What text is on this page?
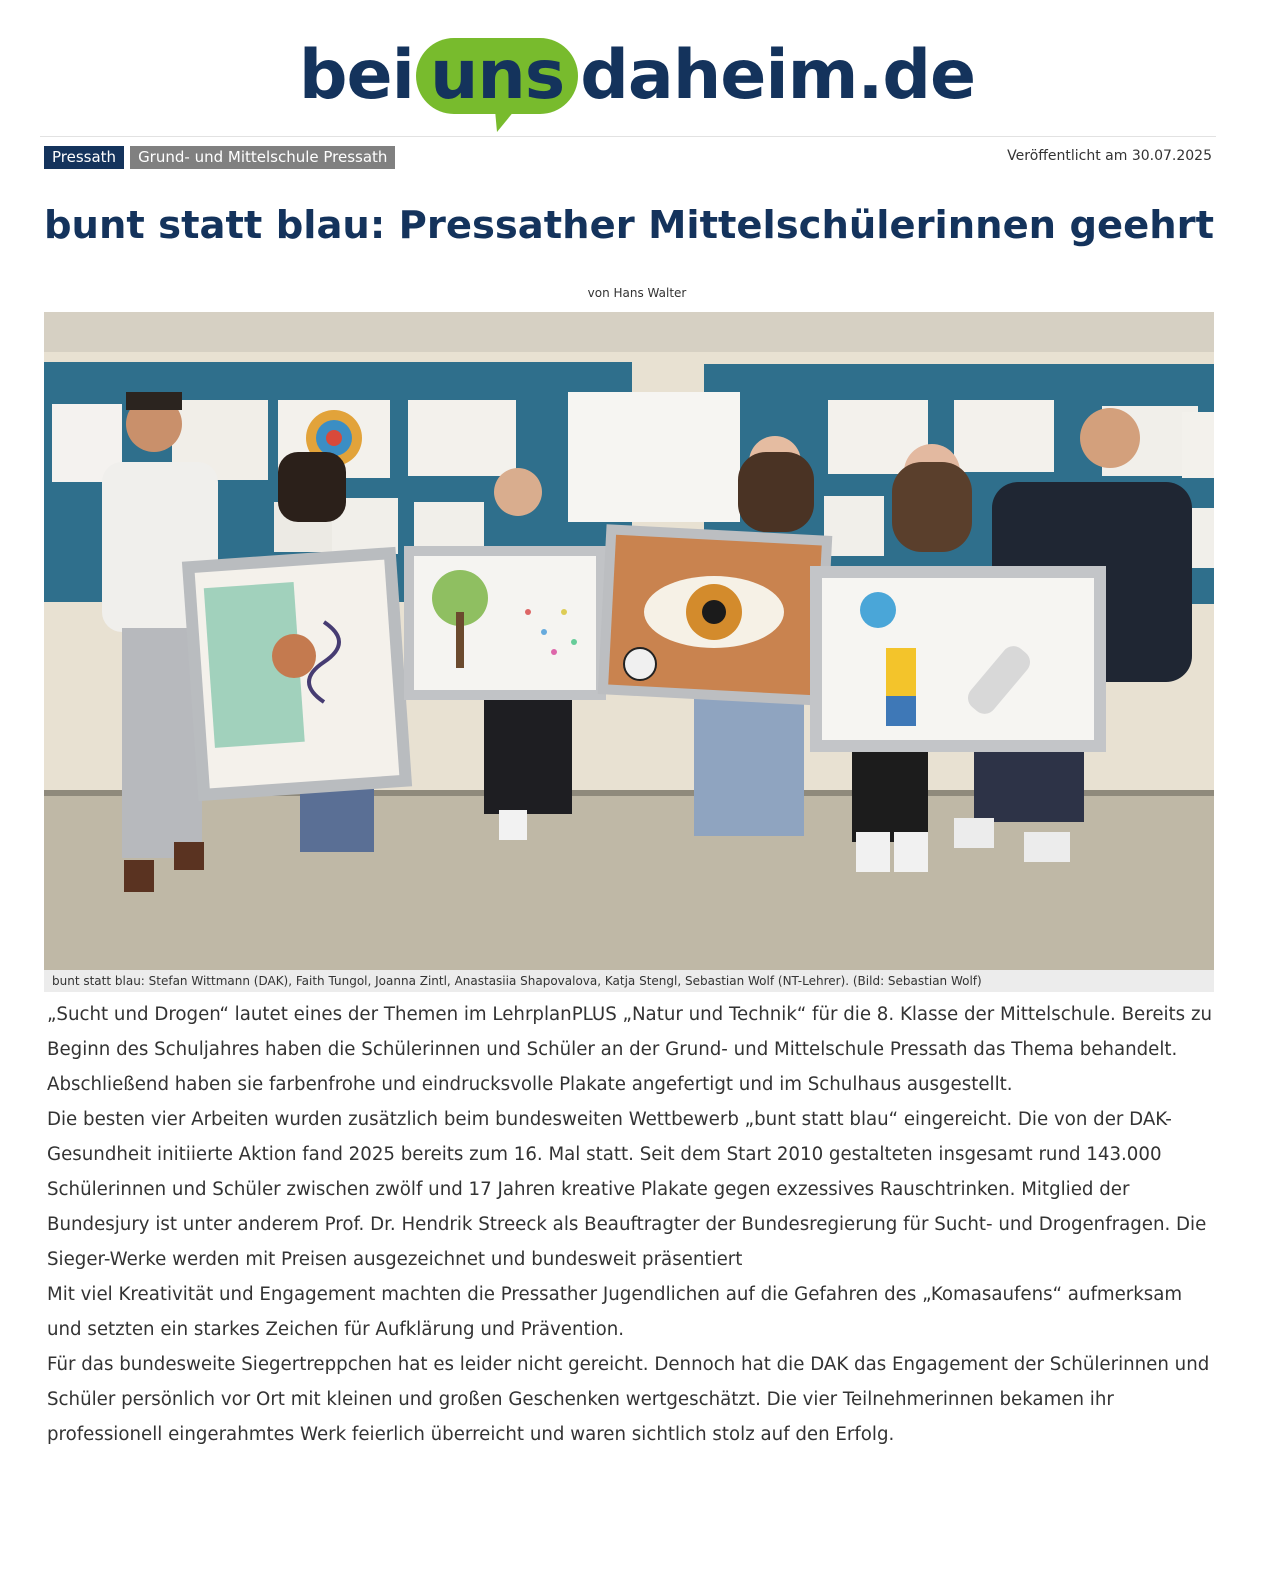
bei uns daheim.de
Pressath	Grund- und Mittelschule Pressath	Veröffentlicht am 30.07.2025
bunt statt blau: Pressather Mittelschülerinnen geehrt
von Hans Walter
bunt statt blau: Stefan Wittmann (DAK), Faith Tungol, Joanna Zintl, Anastasiia Shapovalova, Katja Stengl, Sebastian Wolf (NT-Lehrer). (Bild: Sebastian Wolf)

„Sucht und Drogen“ lautet eines der Themen im LehrplanPLUS „Natur und Technik“ für die 8. Klasse der Mittelschule. Bereits zu Beginn des Schuljahres haben die Schülerinnen und Schüler an der Grund- und Mittelschule Pressath das Thema behandelt. Abschließend haben sie farbenfrohe und eindrucksvolle Plakate angefertigt und im Schulhaus ausgestellt.

Die besten vier Arbeiten wurden zusätzlich beim bundesweiten Wettbewerb „bunt statt blau“ eingereicht. Die von der DAK-Gesundheit initiierte Aktion fand 2025 bereits zum 16. Mal statt. Seit dem Start 2010 gestalteten insgesamt rund 143.000 Schülerinnen und Schüler zwischen zwölf und 17 Jahren kreative Plakate gegen exzessives Rauschtrinken. Mitglied der Bundesjury ist unter anderem Prof. Dr. Hendrik Streeck als Beauftragter der Bundesregierung für Sucht- und Drogenfragen. Die Sieger-Werke werden mit Preisen ausgezeichnet und bundesweit präsentiert

Mit viel Kreativität und Engagement machten die Pressather Jugendlichen auf die Gefahren des „Komasaufens“ aufmerksam und setzten ein starkes Zeichen für Aufklärung und Prävention.

Für das bundesweite Siegertreppchen hat es leider nicht gereicht. Dennoch hat die DAK das Engagement der Schülerinnen und Schüler persönlich vor Ort mit kleinen und großen Geschenken wertgeschätzt. Die vier Teilnehmerinnen bekamen ihr professionell eingerahmtes Werk feierlich überreicht und waren sichtlich stolz auf den Erfolg.
